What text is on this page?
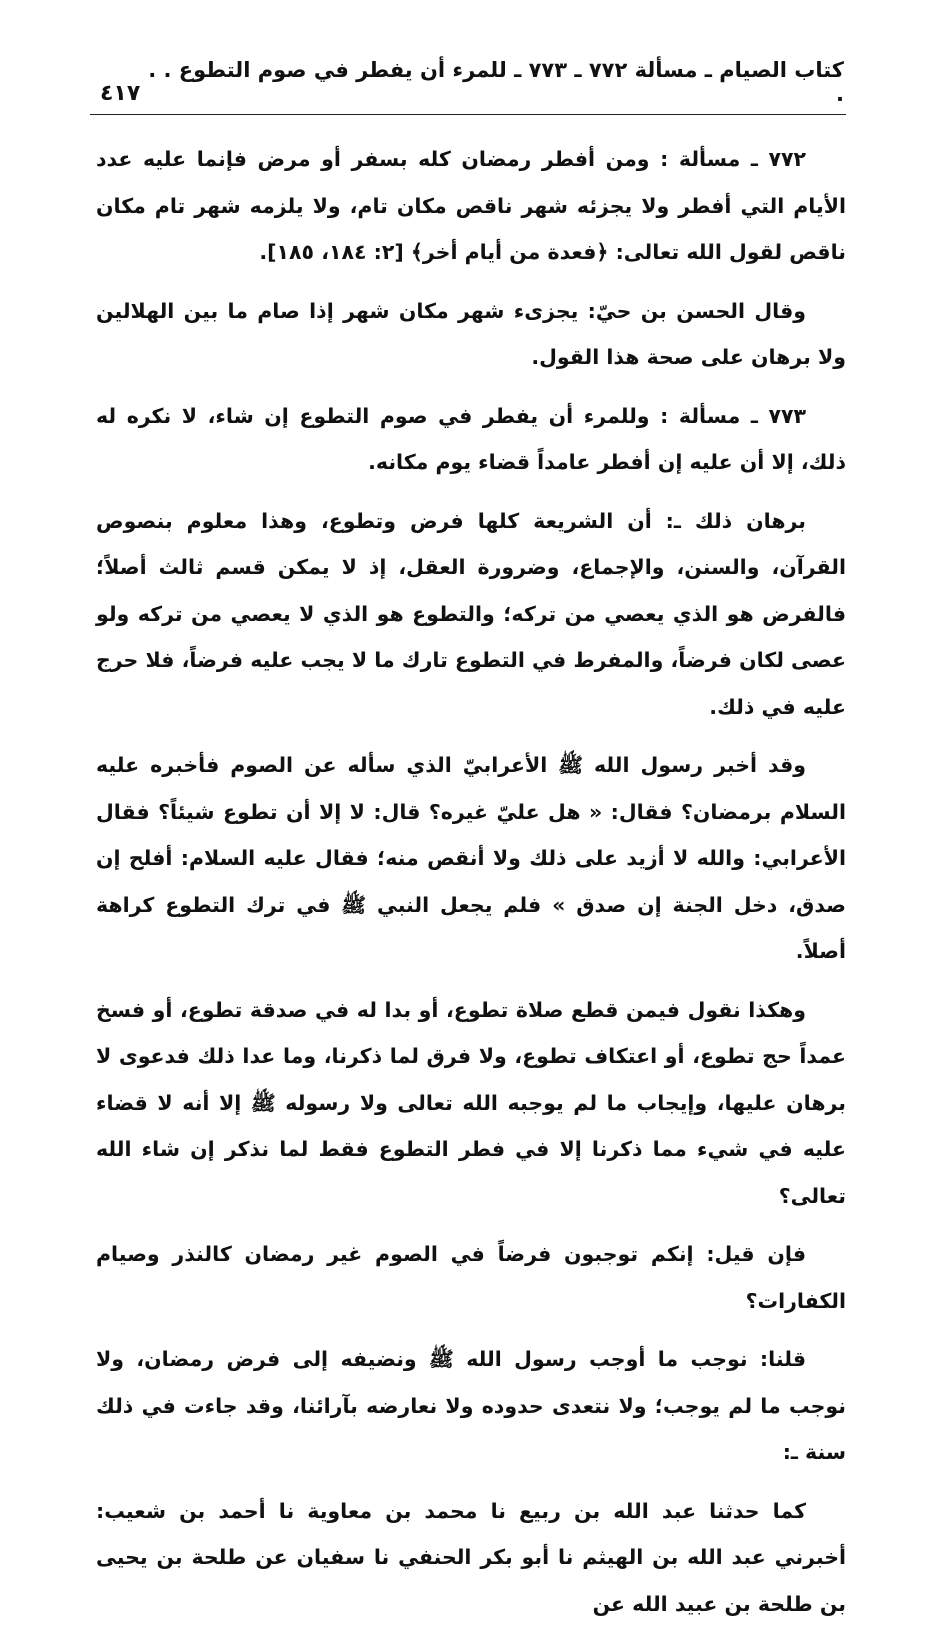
كتاب الصيام ـ مسألة ٧٧٢ ـ ٧٧٣ ـ للمرء أن يفطر في صوم التطوع . . .
٤١٧

٧٧٢ ـ مسألة : ومن أفطر رمضان كله بسفر أو مرض فإنما عليه عدد الأيام التي أفطر ولا يجزئه شهر ناقص مكان تام، ولا يلزمه شهر تام مكان ناقص لقول الله تعالى: ﴿فعدة من أيام أخر﴾ [٢: ١٨٤، ١٨٥].

وقال الحسن بن حيّ: يجزىء شهر مكان شهر إذا صام ما بين الهلالين ولا برهان على صحة هذا القول.

٧٧٣ ـ مسألة : وللمرء أن يفطر في صوم التطوع إن شاء، لا نكره له ذلك، إلا أن عليه إن أفطر عامداً قضاء يوم مكانه.

برهان ذلك ـ: أن الشريعة كلها فرض وتطوع، وهذا معلوم بنصوص القرآن، والسنن، والإجماع، وضرورة العقل، إذ لا يمكن قسم ثالث أصلاً؛ فالفرض هو الذي يعصي من تركه؛ والتطوع هو الذي لا يعصي من تركه ولو عصى لكان فرضاً، والمفرط في التطوع تارك ما لا يجب عليه فرضاً، فلا حرج عليه في ذلك.

وقد أخبر رسول الله ﷺ الأعرابيّ الذي سأله عن الصوم فأخبره عليه السلام برمضان؟ فقال: « هل عليّ غيره؟ قال: لا إلا أن تطوع شيئاً؟ فقال الأعرابي: والله لا أزيد على ذلك ولا أنقص منه؛ فقال عليه السلام: أفلح إن صدق، دخل الجنة إن صدق » فلم يجعل النبي ﷺ في ترك التطوع كراهة أصلاً.

وهكذا نقول فيمن قطع صلاة تطوع، أو بدا له في صدقة تطوع، أو فسخ عمداً حج تطوع، أو اعتكاف تطوع، ولا فرق لما ذكرنا، وما عدا ذلك فدعوى لا برهان عليها، وإيجاب ما لم يوجبه الله تعالى ولا رسوله ﷺ إلا أنه لا قضاء عليه في شيء مما ذكرنا إلا في فطر التطوع فقط لما نذكر إن شاء الله تعالى؟

فإن قيل: إنكم توجبون فرضاً في الصوم غير رمضان كالنذر وصيام الكفارات؟

قلنا: نوجب ما أوجب رسول الله ﷺ ونضيفه إلى فرض رمضان، ولا نوجب ما لم يوجب؛ ولا نتعدى حدوده ولا نعارضه بآرائنا، وقد جاءت في ذلك سنة ـ:

كما حدثنا عبد الله بن ربيع نا محمد بن معاوية نا أحمد بن شعيب: أخبرني عبد الله بن الهيثم نا أبو بكر الحنفي نا سفيان عن طلحة بن يحيى بن طلحة بن عبيد الله عن
